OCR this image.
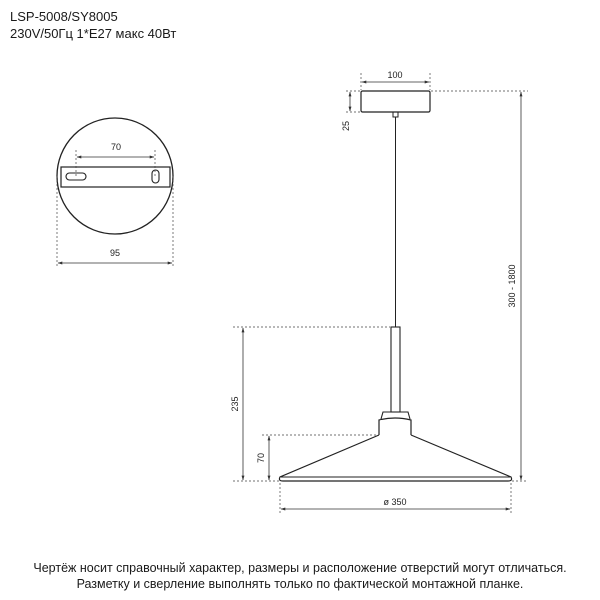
LSP-5008/SY8005
230V/50Гц 1*E27 макс 40Вт
70
95
100
25
300 - 1800
235
70
ø 350
Чертёж носит справочный характер, размеры и расположение отверстий могут отличаться.
Разметку и сверление выполнять только по фактической монтажной планке.
